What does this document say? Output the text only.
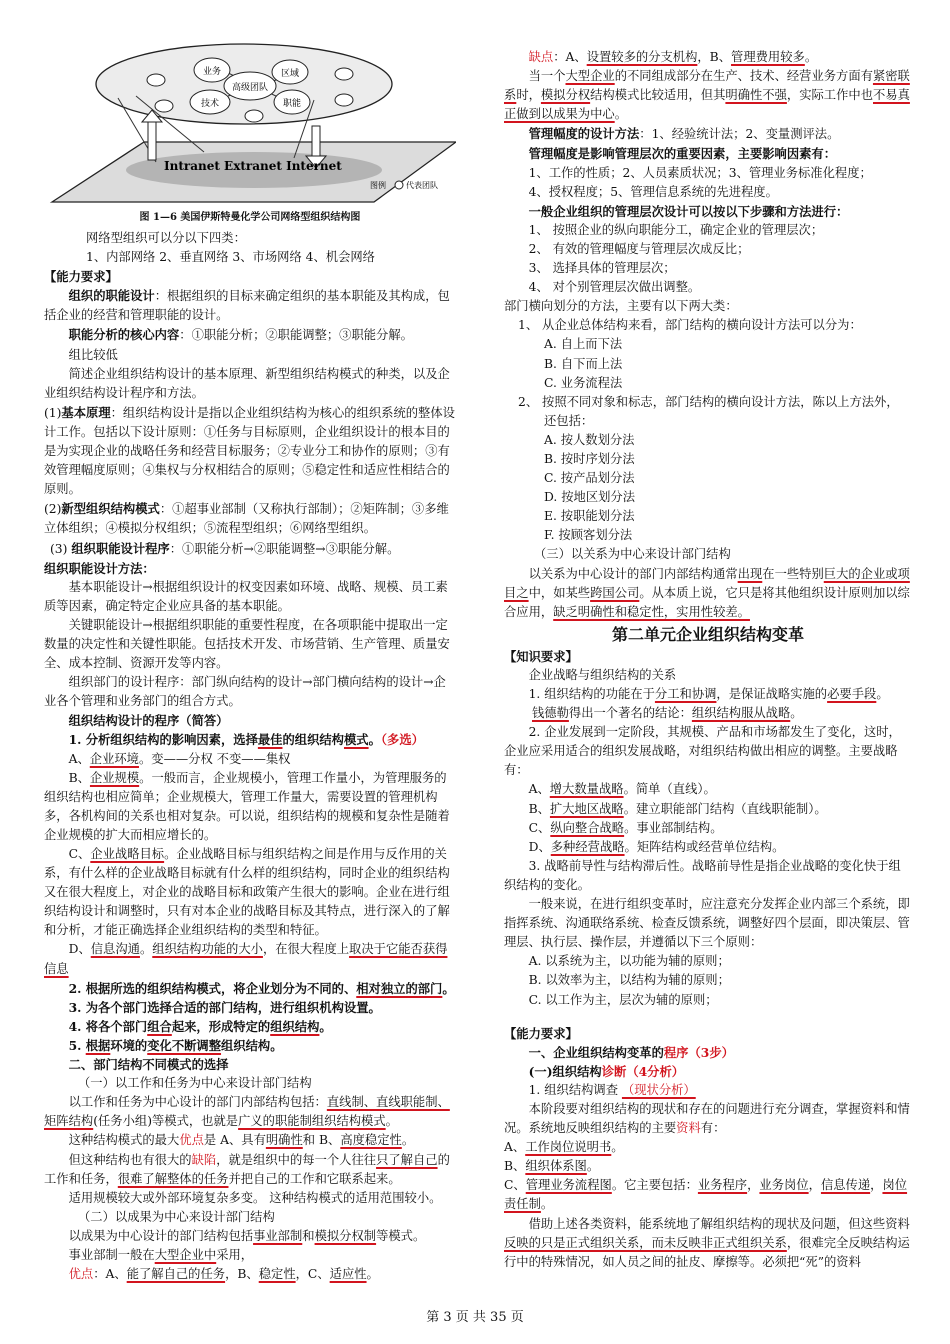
业务	区域
高级团队
技术	职能
Intranet Extranet Internet
图例	代表团队
图 1—6 美国伊斯特曼化学公司网络型组织结构图

网络型组织可以分以下四类：

1、内部网络 2、垂直网络 3、市场网络 4、机会网络

【能力要求】

组织的职能设计：根据组织的目标来确定组织的基本职能及其构成，包括企业的经营和管理职能的设计。

职能分析的核心内容：①职能分析；②职能调整；③职能分解。

组比较低

简述企业组织结构设计的基本原理、新型组织结构模式的种类，以及企业组织结构设计程序和方法。

(1)基本原理：组织结构设计是指以企业组织结构为核心的组织系统的整体设计工作。包括以下设计原则：①任务与目标原则，企业组织设计的根本目的是为实现企业的战略任务和经营目标服务；②专业分工和协作的原则；③有效管理幅度原则；④集权与分权相结合的原则；⑤稳定性和适应性相结合的原则。

(2)新型组织结构模式：①超事业部制（又称执行部制）；②矩阵制；③多维立体组织；④模拟分权组织；⑤流程型组织；⑥网络型组织。

(3) 组织职能设计程序：①职能分析→②职能调整→③职能分解。

组织职能设计方法：

基本职能设计→根据组织设计的权变因素如环境、战略、规模、员工素质等因素，确定特定企业应具备的基本职能。

关键职能设计→根据组织职能的重要性程度，在各项职能中提取出一定数量的决定性和关键性职能。包括技术开发、市场营销、生产管理、质量安全、成本控制、资源开发等内容。

组织部门的设计程序：部门纵向结构的设计→部门横向结构的设计→企业各个管理和业务部门的组合方式。

组织结构设计的程序（简答）

1. 分析组织结构的影响因素，选择最佳的组织结构模式。（多选）

A、企业环境。变——分权 不变——集权

B、企业规模。一般而言，企业规模小，管理工作量小，为管理服务的组织结构也相应简单；企业规模大，管理工作量大，需要设置的管理机构多，各机构间的关系也相对复杂。可以说，组织结构的规模和复杂性是随着企业规模的扩大而相应增长的。

C、企业战略目标。企业战略目标与组织结构之间是作用与反作用的关系，有什么样的企业战略目标就有什么样的组织结构，同时企业的组织结构又在很大程度上，对企业的战略目标和政策产生很大的影响。企业在进行组织结构设计和调整时，只有对本企业的战略目标及其特点，进行深入的了解和分析，才能正确选择企业组织结构的类型和特征。

D、信息沟通。组织结构功能的大小，在很大程度上取决于它能否获得信息

2. 根据所选的组织结构模式，将企业划分为不同的、相对独立的部门。

3. 为各个部门选择合适的部门结构，进行组织机构设置。

4. 将各个部门组合起来，形成特定的组织结构。

5. 根据环境的变化不断调整组织结构。

二、部门结构不同模式的选择

（一）以工作和任务为中心来设计部门结构

以工作和任务为中心设计的部门内部结构包括：直线制、直线职能制、矩阵结构(任务小组)等模式，也就是广义的职能制组织结构模式。

这种结构模式的最大优点是 A、具有明确性和 B、高度稳定性。

但这种结构也有很大的缺陷，就是组织中的每一个人往往只了解自己的工作和任务，很难了解整体的任务并把自己的工作和它联系起来。

适用规模较大或外部环境复杂多变。 这种结构模式的适用范围较小。

（二）以成果为中心来设计部门结构

以成果为中心设计的部门结构包括事业部制和模拟分权制等模式。

事业部制一般在大型企业中采用，

优点：A、能了解自己的任务，B、稳定性，C、适应性。

缺点：A、设置较多的分支机构，B、管理费用较多。

当一个大型企业的不同组成部分在生产、技术、经营业务方面有紧密联系时，模拟分权结构模式比较适用，但其明确性不强，实际工作中也不易真正做到以成果为中心。

管理幅度的设计方法：1、经验统计法；2、变量测评法。

管理幅度是影响管理层次的重要因素，主要影响因素有：

1、工作的性质；2、人员素质状况；3、管理业务标准化程度；

4、授权程度；5、管理信息系统的先进程度。

一般企业组织的管理层次设计可以按以下步骤和方法进行：

1、 按照企业的纵向职能分工，确定企业的管理层次；

2、 有效的管理幅度与管理层次成反比；

3、 选择具体的管理层次；

4、 对个别管理层次做出调整。

部门横向划分的方法，主要有以下两大类：

1、 从企业总体结构来看，部门结构的横向设计方法可以分为：

A. 自上而下法

B. 自下而上法

C. 业务流程法

2、 按照不同对象和标志，部门结构的横向设计方法，陈以上方法外，

还包括：

A. 按人数划分法

B. 按时序划分法

C. 按产品划分法

D. 按地区划分法

E. 按职能划分法

F. 按顾客划分法

（三）以关系为中心来设计部门结构

以关系为中心设计的部门内部结构通常出现在一些特别巨大的企业或项目之中，如某些跨国公司。从本质上说，它只是将其他组织设计原则加以综合应用，缺乏明确性和稳定性，实用性较差。

第二单元企业组织结构变革

【知识要求】

企业战略与组织结构的关系

1. 组织结构的功能在于分工和协调，是保证战略实施的必要手段。

钱德勒得出一个著名的结论：组织结构服从战略。

2. 企业发展到一定阶段，其规模、产品和市场都发生了变化，这时，企业应采用适合的组织发展战略，对组织结构做出相应的调整。主要战略有：

A、增大数量战略。简单（直线）。

B、扩大地区战略。建立职能部门结构（直线职能制）。

C、纵向整合战略。事业部制结构。

D、多种经营战略。矩阵结构或经营单位结构。

3. 战略前导性与结构滞后性。战略前导性是指企业战略的变化快于组织结构的变化。

一般来说，在进行组织变革时，应注意充分发挥企业内部三个系统，即指挥系统、沟通联络系统、检查反馈系统，调整好四个层面，即决策层、管理层、执行层、操作层，并遵循以下三个原则：

A. 以系统为主，以功能为辅的原则；

B. 以效率为主，以结构为辅的原则；

C. 以工作为主，层次为辅的原则；

【能力要求】

一、企业组织结构变革的程序（3步）

(一)组织结构诊断（4分析）

1. 组织结构调查 （现状分析）

本阶段要对组织结构的现状和存在的问题进行充分调查，掌握资料和情况。系统地反映组织结构的主要资料有：

A、工作岗位说明书。

B、组织体系图。

C、管理业务流程图。它主要包括：业务程序，业务岗位，信息传递，岗位责任制。

借助上述各类资料，能系统地了解组织结构的现状及问题，但这些资料反映的只是正式组织关系，而未反映非正式组织关系，很难完全反映结构运行中的特殊情况，如人员之间的扯皮、摩擦等。必须把“死”的资料

第 3 页 共 35 页
